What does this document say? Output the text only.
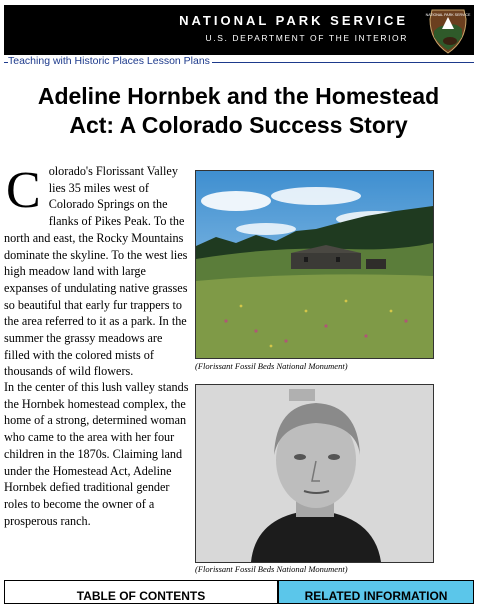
NATIONAL PARK SERVICE
U.S. DEPARTMENT OF THE INTERIOR
NATIONAL PARK SERVICE
Teaching with Historic Places Lesson Plans
Adeline Hornbek and the Homestead
Act: A Colorado Success Story
Colorado's Florissant Valley lies 35 miles west of Colorado Springs on the flanks of Pikes Peak. To the north and east, the Rocky Mountains dominate the skyline. To the west lies high meadow land with large expanses of undulating native grasses so beautiful that early fur trappers to the area referred to it as a park. In the summer the grassy meadows are filled with the colored mists of thousands of wild flowers.
In the center of this lush valley stands the Hornbek homestead complex, the home of a strong, determined woman who came to the area with her four children in the 1870s. Claiming land under the Homestead Act, Adeline Hornbek defied traditional gender roles to become the owner of a prosperous ranch.
(Florissant Fossil Beds National Monument)
(Florissant Fossil Beds National Monument)
TABLE OF CONTENTS	RELATED INFORMATION
